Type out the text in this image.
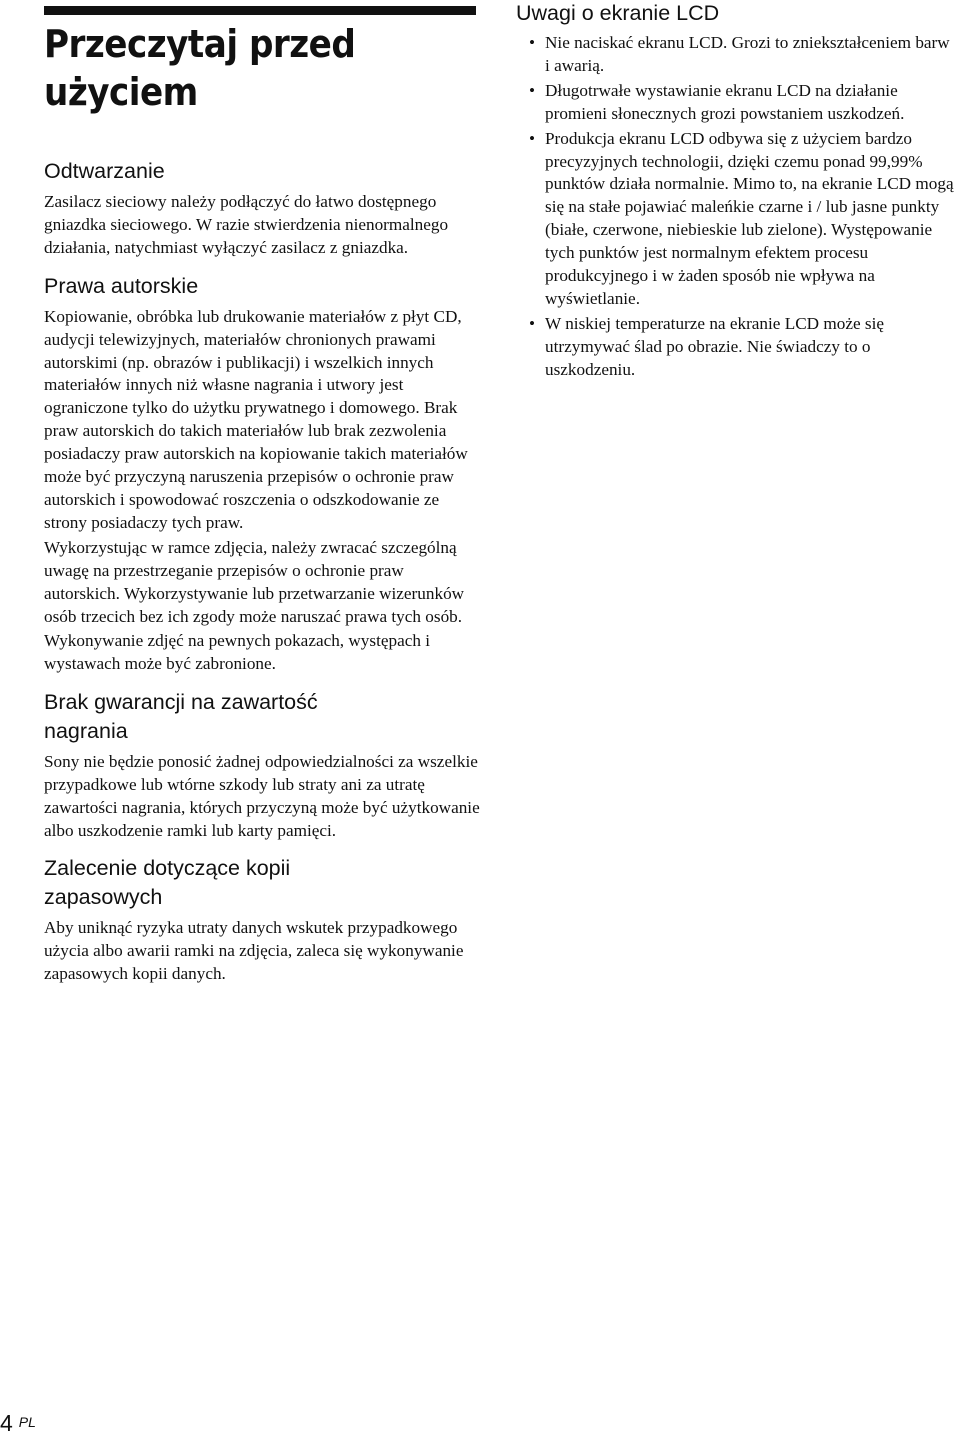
Przeczytaj przed
użyciem
Odtwarzanie

Zasilacz sieciowy należy podłączyć do łatwo dostępnego gniazdka sieciowego. W razie stwierdzenia nienormalnego działania, natychmiast wyłączyć zasilacz z gniazdka.

Prawa autorskie

Kopiowanie, obróbka lub drukowanie materiałów z płyt CD, audycji telewizyjnych, materiałów chronionych prawami autorskimi (np. obrazów i publikacji) i wszelkich innych materiałów innych niż własne nagrania i utwory jest ograniczone tylko do użytku prywatnego i domowego. Brak praw autorskich do takich materiałów lub brak zezwolenia posiadaczy praw autorskich na kopiowanie takich materiałów może być przyczyną naruszenia przepisów o ochronie praw autorskich i spowodować roszczenia o odszkodowanie ze strony posiadaczy tych praw.

Wykorzystując w ramce zdjęcia, należy zwracać szczególną uwagę na przestrzeganie przepisów o ochronie praw autorskich. Wykorzystywanie lub przetwarzanie wizerunków osób trzecich bez ich zgody może naruszać prawa tych osób.

Wykonywanie zdjęć na pewnych pokazach, występach i wystawach może być zabronione.

Brak gwarancji na zawartość
nagrania

Sony nie będzie ponosić żadnej odpowiedzialności za wszelkie przypadkowe lub wtórne szkody lub straty ani za utratę zawartości nagrania, których przyczyną może być użytkowanie albo uszkodzenie ramki lub karty pamięci.

Zalecenie dotyczące kopii
zapasowych

Aby uniknąć ryzyka utraty danych wskutek przypadkowego użycia albo awarii ramki na zdjęcia, zaleca się wykonywanie zapasowych kopii danych.

Uwagi o ekranie LCD
• Nie naciskać ekranu LCD. Grozi to zniekształceniem barw i awarią.
• Długotrwałe wystawianie ekranu LCD na działanie promieni słonecznych grozi powstaniem uszkodzeń.
• Produkcja ekranu LCD odbywa się z użyciem bardzo precyzyjnych technologii, dzięki czemu ponad 99,99% punktów działa normalnie. Mimo to, na ekranie LCD mogą się na stałe pojawiać maleńkie czarne i / lub jasne punkty (białe, czerwone, niebieskie lub zielone). Występowanie tych punktów jest normalnym efektem procesu produkcyjnego i w żaden sposób nie wpływa na wyświetlanie.
• W niskiej temperaturze na ekranie LCD może się utrzymywać ślad po obrazie. Nie świadczy to o uszkodzeniu.
4 PL
